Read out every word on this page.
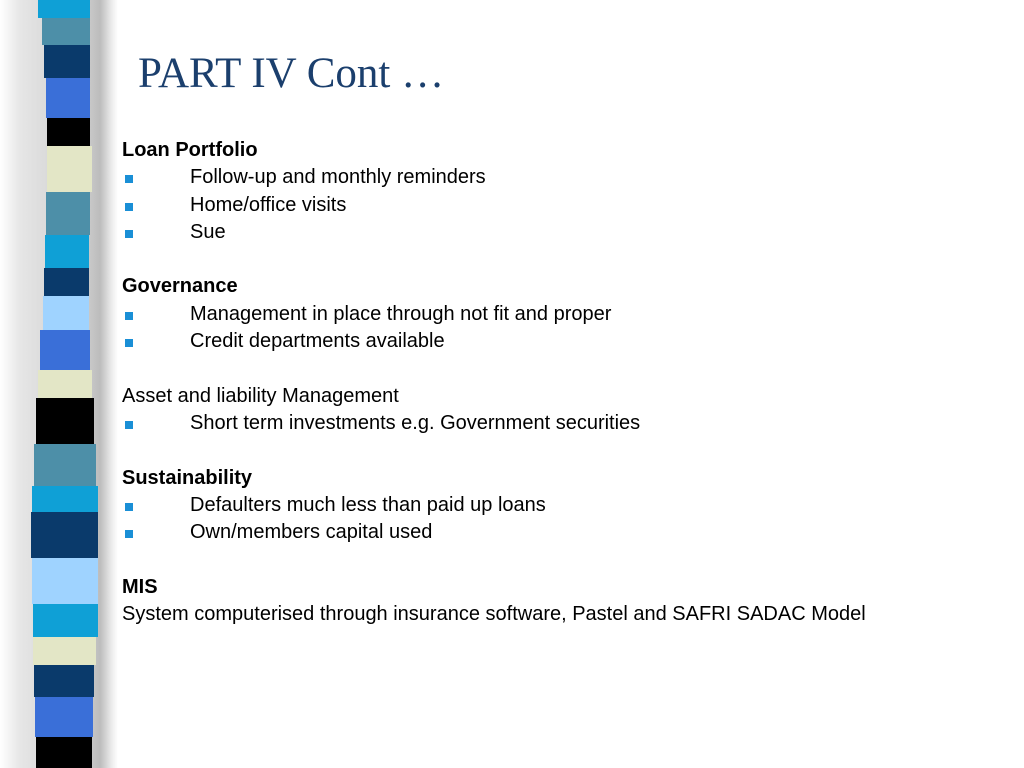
PART IV Cont …
Loan Portfolio
Follow-up and monthly reminders
Home/office visits
Sue
Governance
Management in place through not fit and proper
Credit departments available
Asset and liability Management
Short term investments e.g. Government securities
Sustainability
Defaulters much less than paid up loans
Own/members capital used
MIS
System computerised through insurance software, Pastel and SAFRI SADAC Model
